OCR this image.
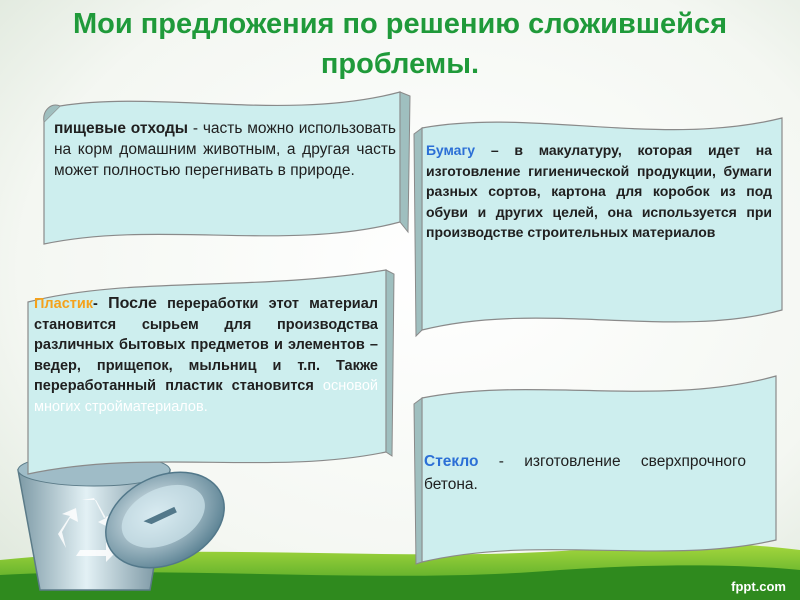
Мои предложения по решению сложившейся проблемы.
пищевые отходы - часть можно использовать на корм домашним животным, а другая часть может полностью перегнивать в природе.
Бумагу – в макулатуру, которая идет на изготовление гигиенической продукции, бумаги разных сортов, картона для коробок из под обуви и других целей, она используется при производстве строительных материалов
Пластик- После переработки этот материал становится сырьем для производства различных бытовых предметов и элементов – ведер, прищепок, мыльниц и т.п. Также переработанный пластик становится основой многих стройматериалов.
Стекло - изготовление сверхпрочного бетона.
fppt.com
